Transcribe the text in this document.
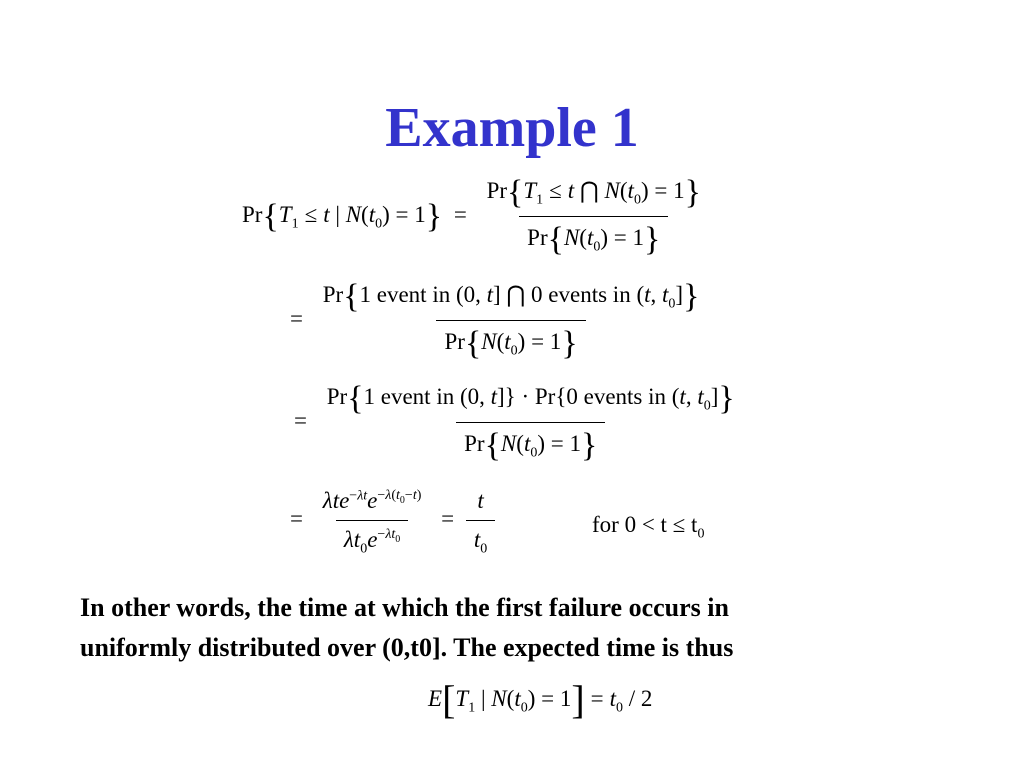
Example 1
$Pr\{T_1 \le t$ | $N(t_0) = 1\} = \frac{Pr\{T_1 \le t ⋂ N(t_0) = 1\}}{Pr\{N(t_0) = 1\}}$
= $\frac{Pr\{1 event in (0, t] ⋂ 0 events in (t, t_0]\}}{Pr\{N(t_0) = 1\}}$
= $\frac{Pr\{1 event in (0, t]\} \cdot Pr\{0 events in (t, t_0]\}}{Pr\{N(t_0) = 1\}}$
= $\frac{\lambda te^{-\lambda t}e^{-\lambda(t_0-t)}}{\lambda t_0e^{-\lambda t_0}} = \frac{t}{t_0}$	for $0 < t \le t_0$
In other words, the time at which the first failure occurs in
uniformly distributed over (0,t0]. The expected time is thus
$E[T_1$ | $N(t_0) = 1] = t_0 / 2$
